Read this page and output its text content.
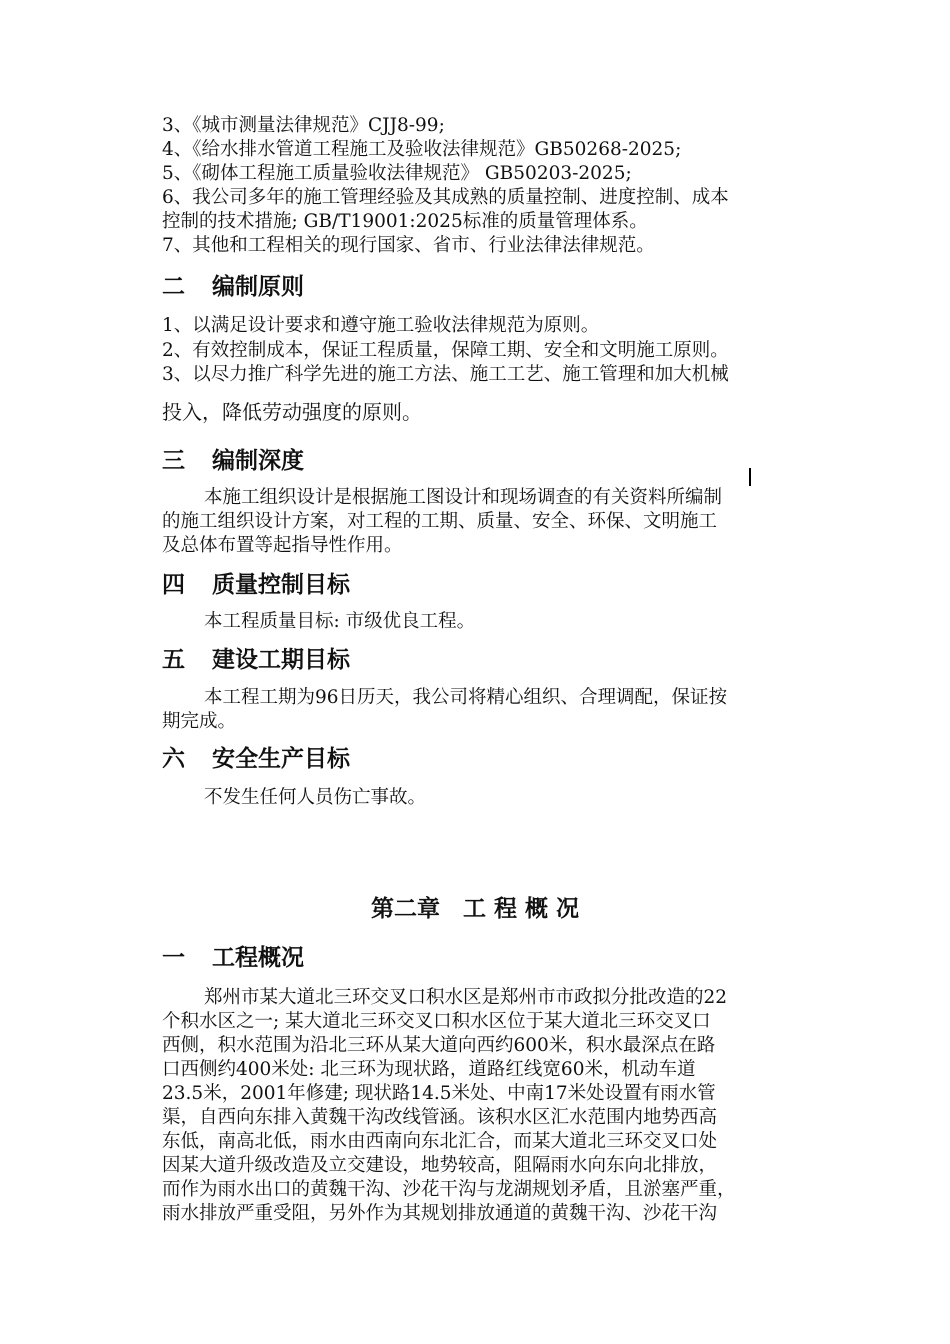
3、《城市测量法律规范》CJJ8-99;
4、《给水排水管道工程施工及验收法律规范》GB50268-2025;
5、《砌体工程施工质量验收法律规范》 GB50203-2025;
6、我公司多年的施工管理经验及其成熟的质量控制、进度控制、成本
控制的技术措施; GB/T19001:2025标准的质量管理体系。
7、其他和工程相关的现行国家、省市、行业法律法律规范。
二 编制原则
1、以满足设计要求和遵守施工验收法律规范为原则。
2、有效控制成本，保证工程质量，保障工期、安全和文明施工原则。
3、以尽力推广科学先进的施工方法、施工工艺、施工管理和加大机械
投入，降低劳动强度的原则。
三 编制深度
本施工组织设计是根据施工图设计和现场调查的有关资料所编制
的施工组织设计方案，对工程的工期、质量、安全、环保、文明施工
及总体布置等起指导性作用。
四 质量控制目标
本工程质量目标: 市级优良工程。
五 建设工期目标
本工程工期为96日历天，我公司将精心组织、合理调配，保证按
期完成。
六 安全生产目标
不发生任何人员伤亡事故。
第二章　工 程 概 况
一 工程概况
郑州市某大道北三环交叉口积水区是郑州市市政拟分批改造的22
个积水区之一; 某大道北三环交叉口积水区位于某大道北三环交叉口
西侧，积水范围为沿北三环从某大道向西约600米，积水最深点在路
口西侧约400米处: 北三环为现状路，道路红线宽60米，机动车道
23.5米，2001年修建; 现状路14.5米处、中南17米处设置有雨水管
渠，自西向东排入黄魏干沟改线管涵。该积水区汇水范围内地势西高
东低，南高北低，雨水由西南向东北汇合，而某大道北三环交叉口处
因某大道升级改造及立交建设，地势较高，阻隔雨水向东向北排放，
而作为雨水出口的黄魏干沟、沙花干沟与龙湖规划矛盾，且淤塞严重，
雨水排放严重受阻，另外作为其规划排放通道的黄魏干沟、沙花干沟
